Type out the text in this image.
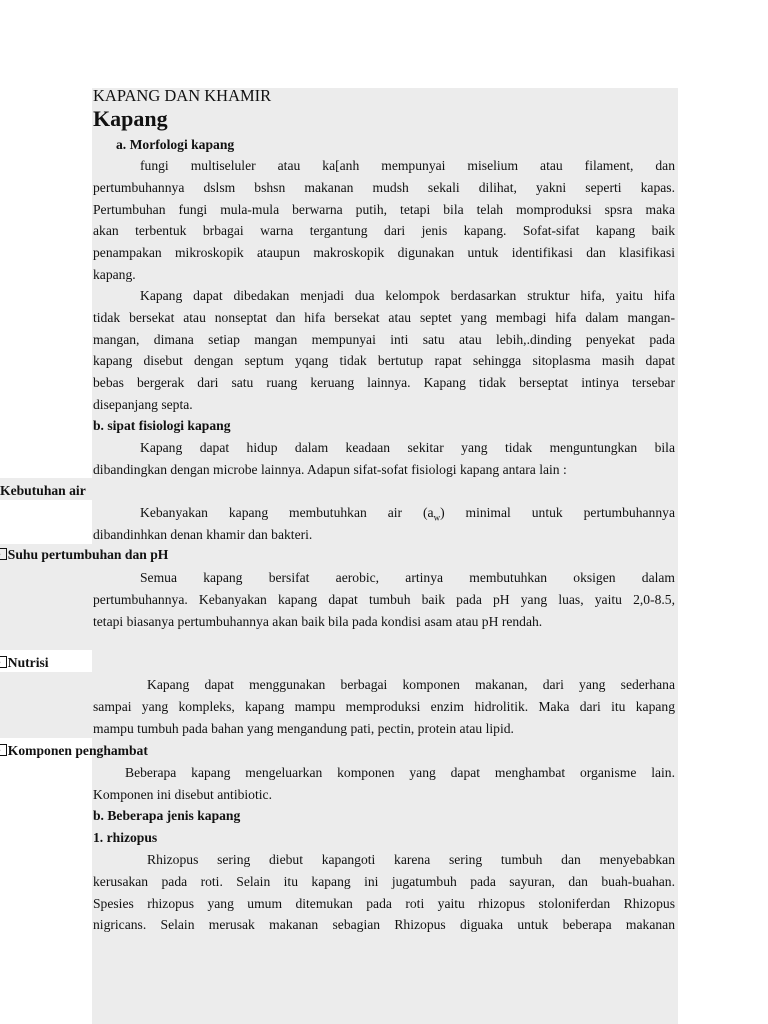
KAPANG DAN KHAMIR
Kapang
a. Morfologi kapang
fungi multiseluler atau ka[anh mempunyai miselium atau filament, dan
pertumbuhannya dslsm bshsn makanan mudsh sekali dilihat, yakni seperti kapas.
Pertumbuhan fungi mula-mula berwarna putih, tetapi bila telah momproduksi spsra maka
akan terbentuk brbagai warna tergantung dari jenis kapang. Sofat-sifat kapang baik
penampakan mikroskopik ataupun makroskopik digunakan untuk identifikasi dan klasifikasi
kapang.
Kapang dapat dibedakan menjadi dua kelompok berdasarkan struktur hifa, yaitu hifa
tidak bersekat atau nonseptat dan hifa bersekat atau septet yang membagi hifa dalam mangan-
mangan, dimana setiap mangan mempunyai inti satu atau lebih,.dinding penyekat pada
kapang disebut dengan septum yqang tidak bertutup rapat sehingga sitoplasma masih dapat
bebas bergerak dari satu ruang keruang lainnya. Kapang tidak berseptat intinya tersebar
disepanjang septa.
b. sipat fisiologi kapang
Kapang dapat hidup dalam keadaan sekitar yang tidak menguntungkan bila
dibandingkan dengan microbe lainnya. Adapun sifat-sofat fisiologi kapang antara lain :
Kebutuhan air
Kebanyakan kapang membutuhkan air $(a_w)$ minimal untuk pertumbuhannya
dibandinhkan denan khamir dan bakteri.
Suhu pertumbuhan dan pH
Semua kapang bersifat aerobic, artinya membutuhkan oksigen dalam
pertumbuhannya. Kebanyakan kapang dapat tumbuh baik pada pH yang luas, yaitu 2,0-8.5,
tetapi biasanya pertumbuhannya akan baik bila pada kondisi asam atau pH rendah.
Nutrisi
Kapang dapat menggunakan berbagai komponen makanan, dari yang sederhana
sampai yang kompleks, kapang mampu memproduksi enzim hidrolitik. Maka dari itu kapang
mampu tumbuh pada bahan yang mengandung pati, pectin, protein atau lipid.
Komponen penghambat
Beberapa kapang mengeluarkan komponen yang dapat menghambat organisme lain.
Komponen ini disebut antibiotic.
b. Beberapa jenis kapang
1. rhizopus
Rhizopus sering diebut kapangoti karena sering tumbuh dan menyebabkan
kerusakan pada roti. Selain itu kapang ini jugatumbuh pada sayuran, dan buah-buahan.
Spesies rhizopus yang umum ditemukan pada roti yaitu rhizopus stoloniferdan Rhizopus
nigricans. Selain merusak makanan sebagian Rhizopus diguaka untuk beberapa makanan
